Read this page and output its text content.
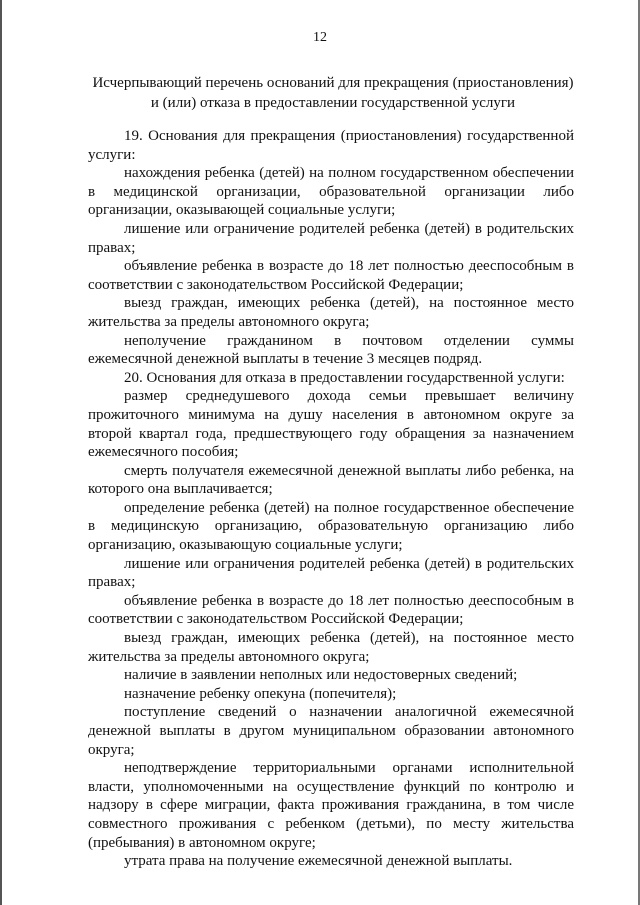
12
Исчерпывающий перечень оснований для прекращения (приостановления)
и (или) отказа в предоставлении государственной услуги

19. Основания для прекращения (приостановления) государственной услуги:

нахождения ребенка (детей) на полном государственном обеспечении в медицинской организации, образовательной организации либо организации, оказывающей социальные услуги;

лишение или ограничение родителей ребенка (детей) в родительских правах;

объявление ребенка в возрасте до 18 лет полностью дееспособным в соответствии с законодательством Российской Федерации;

выезд граждан, имеющих ребенка (детей), на постоянное место жительства за пределы автономного округа;

неполучение гражданином в почтовом отделении суммы ежемесячной денежной выплаты в течение 3 месяцев подряд.

20. Основания для отказа в предоставлении государственной услуги:

размер среднедушевого дохода семьи превышает величину прожиточного минимума на душу населения в автономном округе за второй квартал года, предшествующего году обращения за назначением ежемесячного пособия;

смерть получателя ежемесячной денежной выплаты либо ребенка, на которого она выплачивается;

определение ребенка (детей) на полное государственное обеспечение в медицинскую организацию, образовательную организацию либо организацию, оказывающую социальные услуги;

лишение или ограничения родителей ребенка (детей) в родительских правах;

объявление ребенка в возрасте до 18 лет полностью дееспособным в соответствии с законодательством Российской Федерации;

выезд граждан, имеющих ребенка (детей), на постоянное место жительства за пределы автономного округа;

наличие в заявлении неполных или недостоверных сведений;

назначение ребенку опекуна (попечителя);

поступление сведений о назначении аналогичной ежемесячной денежной выплаты в другом муниципальном образовании автономного округа;

неподтверждение территориальными органами исполнительной власти, уполномоченными на осуществление функций по контролю и надзору в сфере миграции, факта проживания гражданина, в том числе совместного проживания с ребенком (детьми), по месту жительства (пребывания) в автономном округе;

утрата права на получение ежемесячной денежной выплаты.
